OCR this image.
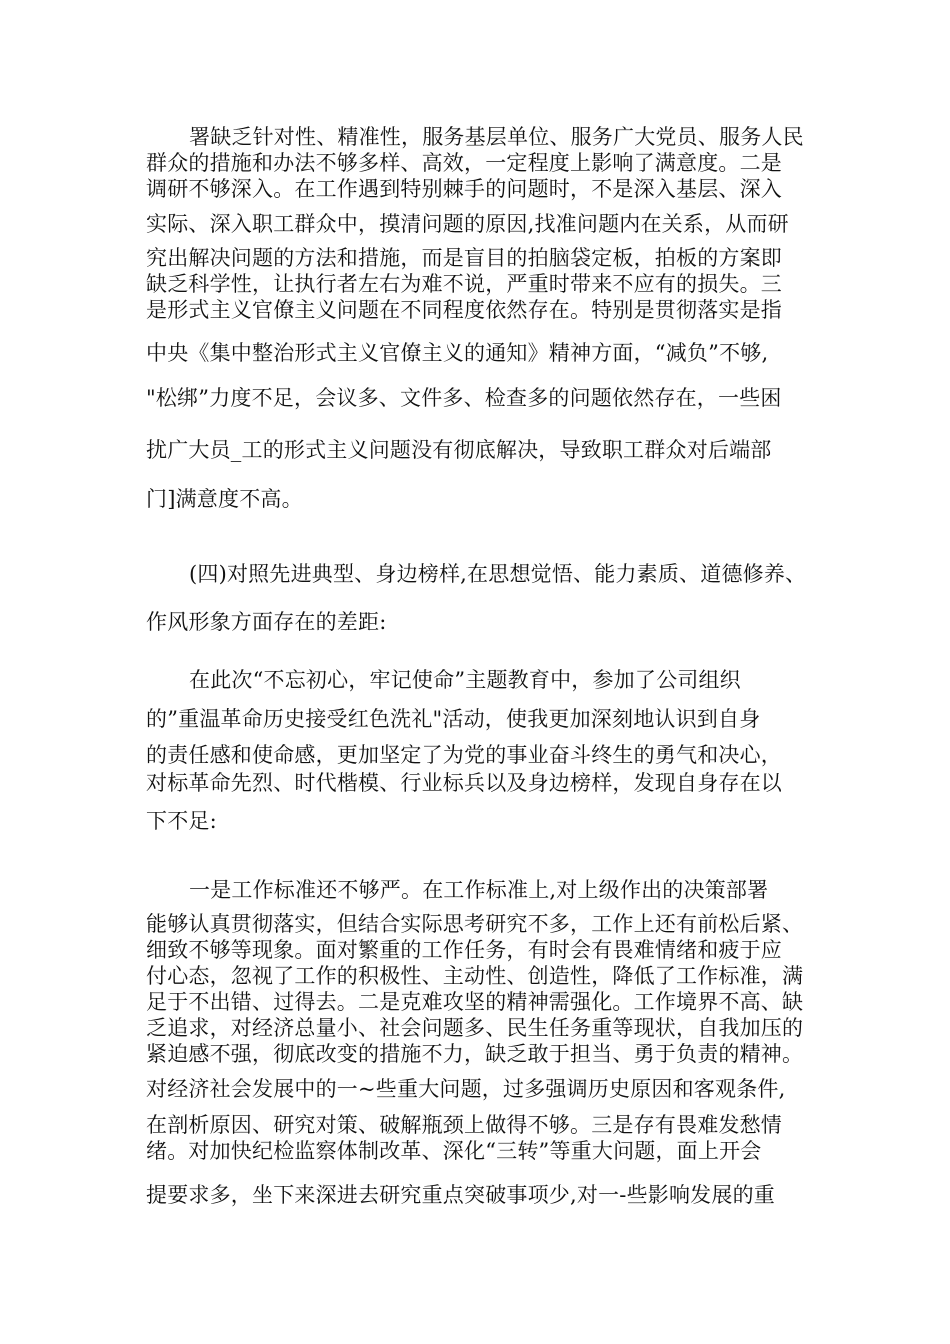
署缺乏针对性、精准性，服务基层单位、服务广大党员、服务人民
群众的措施和办法不够多样、高效，一定程度上影响了满意度。二是
调研不够深入。在工作遇到特别棘手的问题时，不是深入基层、深入
实际、深入职工群众中，摸清问题的原因,找准问题内在关系，从而研
究出解决问题的方法和措施，而是盲目的拍脑袋定板，拍板的方案即
缺乏科学性，让执行者左右为难不说，严重时带来不应有的损失。三
是形式主义官僚主义问题在不同程度依然存在。特别是贯彻落实是指
中央《集中整治形式主义官僚主义的通知》精神方面，“减负”不够,
"松绑”力度不足，会议多、文件多、检查多的问题依然存在，一些困
扰广大员_工的形式主义问题没有彻底解决，导致职工群众对后端部
门]满意度不高。
(四)对照先进典型、身边榜样,在思想觉悟、能力素质、道德修养、
作风形象方面存在的差距:
在此次“不忘初心，牢记使命”主题教育中，参加了公司组织
的”重温革命历史接受红色洗礼"活动，使我更加深刻地认识到自身
的责任感和使命感，更加坚定了为党的事业奋斗终生的勇气和决心，
对标革命先烈、时代楷模、行业标兵以及身边榜样，发现自身存在以
下不足:
一是工作标准还不够严。在工作标准上,对上级作出的决策部署
能够认真贯彻落实，但结合实际思考研究不多，工作上还有前松后紧、
细致不够等现象。面对繁重的工作任务，有时会有畏难情绪和疲于应
付心态，忽视了工作的积极性、主动性、创造性，降低了工作标准，满
足于不出错、过得去。二是克难攻坚的精神需强化。工作境界不高、缺
乏追求，对经济总量小、社会问题多、民生任务重等现状，自我加压的
紧迫感不强，彻底改变的措施不力，缺乏敢于担当、勇于负责的精神。
对经济社会发展中的一~些重大问题，过多强调历史原因和客观条件,
在剖析原因、研究对策、破解瓶颈上做得不够。三是存有畏难发愁情
绪。对加快纪检监察体制改革、深化“三转”等重大问题，面上开会
提要求多，坐下来深进去研究重点突破事项少,对一-些影响发展的重
